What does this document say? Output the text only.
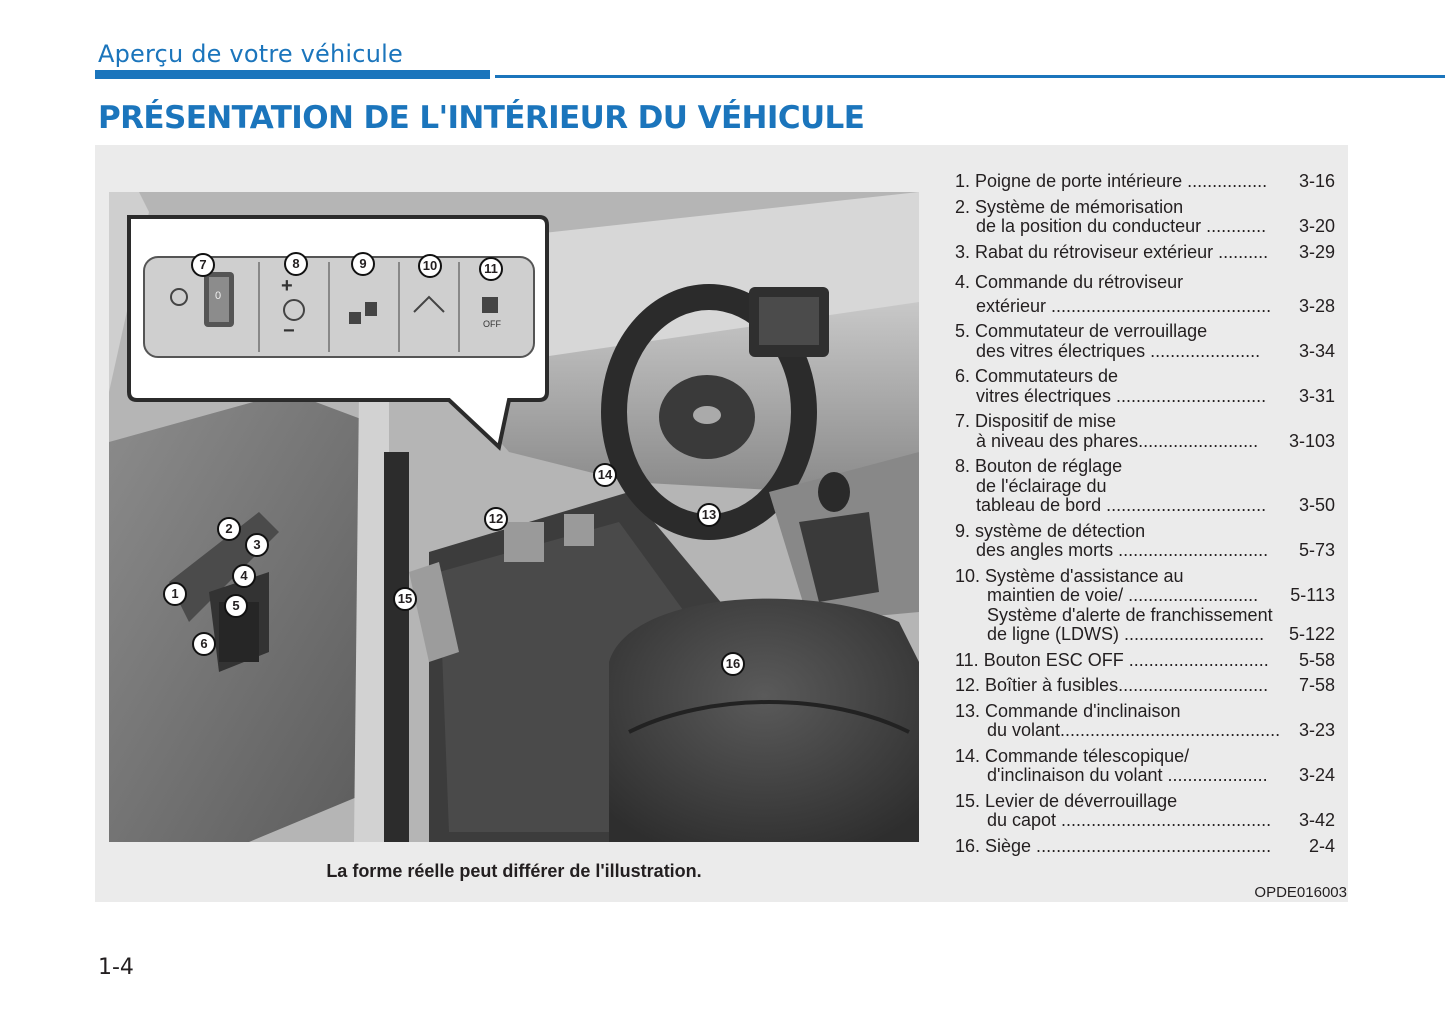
Aperçu de votre véhicule
PRÉSENTATION DE L'INTÉRIEUR DU VÉHICULE
+
−	OFF
0
1
2
3
4
5
6
7	8	9	10	11
12	13
14
15
16
La forme réelle peut différer de l'illustration.
OPDE016003
1. Poigne de porte intérieure ................ 3-16
2. Système de mémorisation
de la position du conducteur ............ 3-20
3. Rabat du rétroviseur extérieur .......... 3-29
4. Commande du rétroviseur
extérieur ............................................ 3-28
5. Commutateur de verrouillage
des vitres électriques ...................... 3-34
6. Commutateurs de
vitres électriques .............................. 3-31
7. Dispositif de mise
à niveau des phares........................ 3-103
8. Bouton de réglage
de l'éclairage du
tableau de bord ................................ 3-50
9. système de détection
des angles morts .............................. 5-73
10. Système d'assistance au
maintien de voie/ .......................... 5-113
Système d'alerte de franchissement
de ligne (LDWS) ............................ 5-122
11. Bouton ESC OFF ............................ 5-58
12. Boîtier à fusibles.............................. 7-58
13. Commande d'inclinaison
du volant............................................ 3-23
14. Commande télescopique/
d'inclinaison du volant .................... 3-24
15. Levier de déverrouillage
du capot .......................................... 3-42
16. Siège ............................................... 2-4
1-4
